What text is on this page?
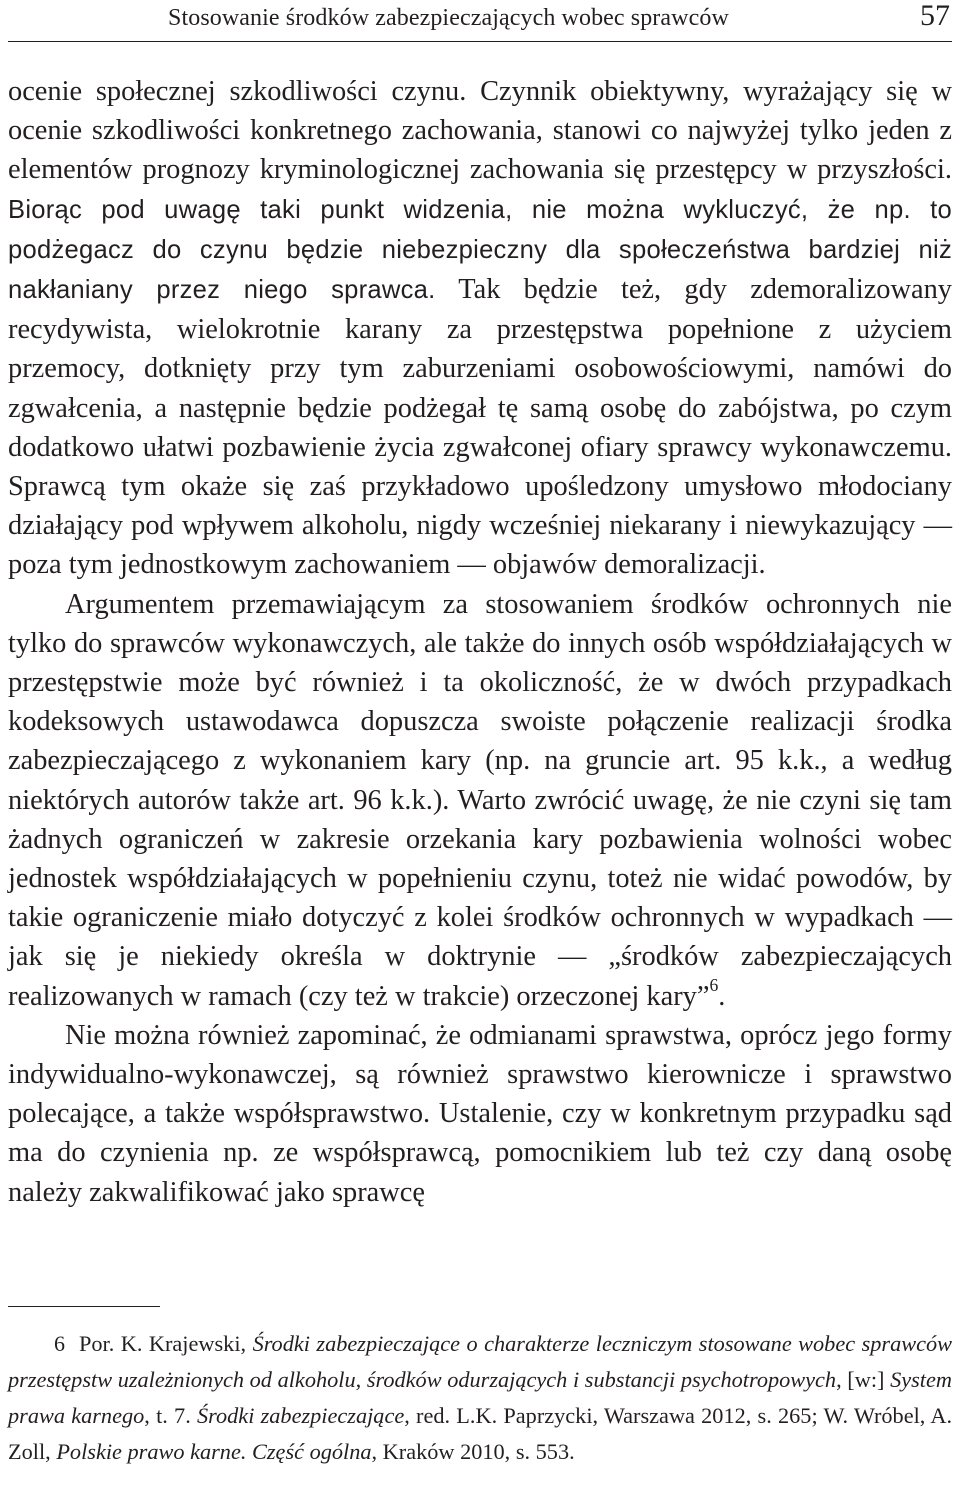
Stosowanie środków zabezpieczających wobec sprawców	57

ocenie społecznej szkodliwości czynu. Czynnik obiektywny, wyrażający się w ocenie szkodliwości konkretnego zachowania, stanowi co najwyżej tylko jeden z elementów prognozy kryminologicznej zachowania się przestępcy w przyszłości. Biorąc pod uwagę taki punkt widzenia, nie można wykluczyć, że np. to podżegacz do czynu będzie niebezpieczny dla społeczeństwa bardziej niż nakłaniany przez niego sprawca. Tak będzie też, gdy zdemoralizowany recydywista, wielokrotnie karany za przestępstwa popełnione z użyciem przemocy, dotknięty przy tym zaburzeniami osobowościowymi, namówi do zgwałcenia, a następnie będzie podżegał tę samą osobę do zabójstwa, po czym dodatkowo ułatwi pozbawienie życia zgwałconej ofiary sprawcy wykonawczemu. Sprawcą tym okaże się zaś przykładowo upośledzony umysłowo młodociany działający pod wpływem alkoholu, nigdy wcześniej niekarany i niewykazujący — poza tym jednostkowym zachowaniem — objawów demoralizacji.

Argumentem przemawiającym za stosowaniem środków ochronnych nie tylko do sprawców wykonawczych, ale także do innych osób współdziałających w przestępstwie może być również i ta okoliczność, że w dwóch przypadkach kodeksowych ustawodawca dopuszcza swoiste połączenie realizacji środka zabezpieczającego z wykonaniem kary (np. na gruncie art. 95 k.k., a według niektórych autorów także art. 96 k.k.). Warto zwrócić uwagę, że nie czyni się tam żadnych ograniczeń w zakresie orzekania kary pozbawienia wolności wobec jednostek współdziałających w popełnieniu czynu, toteż nie widać powodów, by takie ograniczenie miało dotyczyć z kolei środków ochronnych w wypadkach — jak się je niekiedy określa w doktrynie — „środków zabezpieczających realizowanych w ramach (czy też w trakcie) orzeczonej kary”$^6$.

Nie można również zapominać, że odmianami sprawstwa, oprócz jego formy indywidualno-wykonawczej, są również sprawstwo kierownicze i sprawstwo polecające, a także współsprawstwo. Ustalenie, czy w konkretnym przypadku sąd ma do czynienia np. ze współsprawcą, pomocnikiem lub też czy daną osobę należy zakwalifikować jako sprawcę

6 Por. K. Krajewski, Środki zabezpieczające o charakterze leczniczym stosowane wobec sprawców przestępstw uzależnionych od alkoholu, środków odurzających i substancji psychotropowych, [w:] System prawa karnego, t. 7. Środki zabezpieczające, red. L.K. Paprzycki, Warszawa 2012, s. 265; W. Wróbel, A. Zoll, Polskie prawo karne. Część ogólna, Kraków 2010, s. 553.
